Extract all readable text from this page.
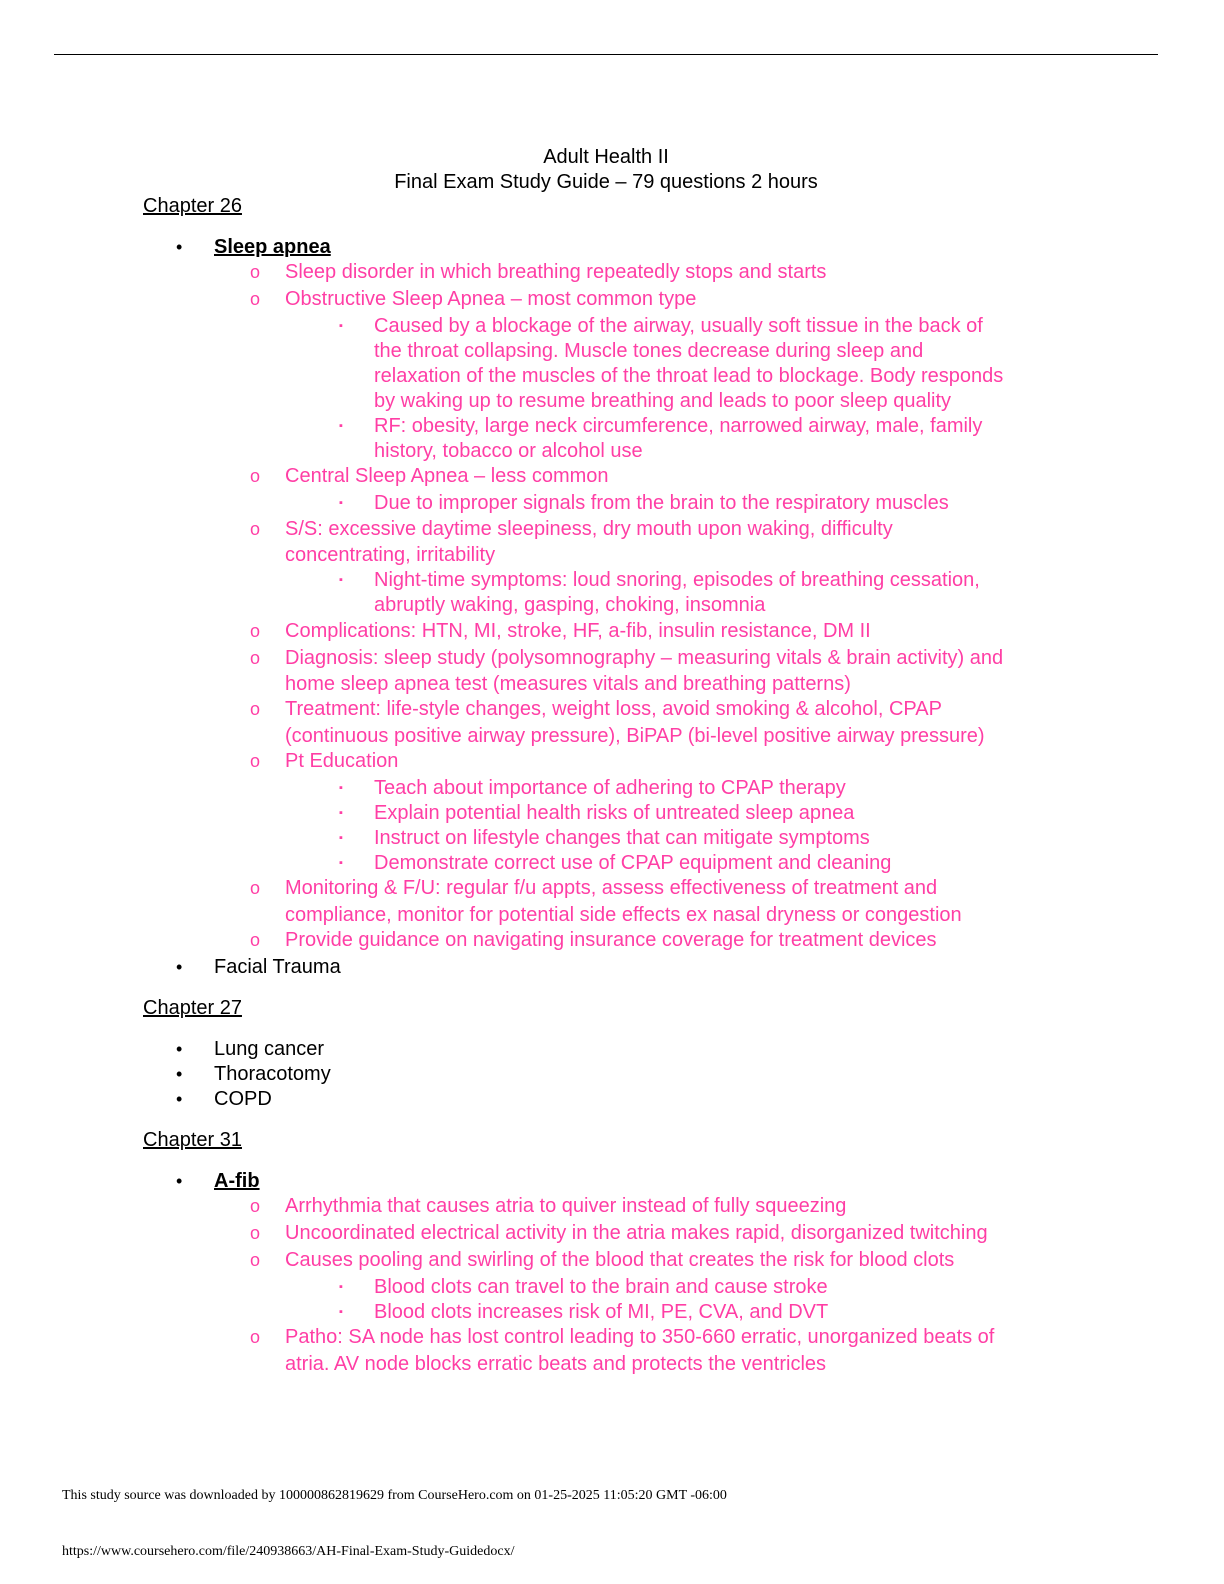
Adult Health II
Final Exam Study Guide – 79 questions 2 hours
Chapter 26
• Sleep apnea
o Sleep disorder in which breathing repeatedly stops and starts
o Obstructive Sleep Apnea – most common type
▪ Caused by a blockage of the airway, usually soft tissue in the back of
the throat collapsing. Muscle tones decrease during sleep and
relaxation of the muscles of the throat lead to blockage. Body responds
by waking up to resume breathing and leads to poor sleep quality
▪ RF: obesity, large neck circumference, narrowed airway, male, family
history, tobacco or alcohol use
o Central Sleep Apnea – less common
▪ Due to improper signals from the brain to the respiratory muscles
o S/S: excessive daytime sleepiness, dry mouth upon waking, difficulty
concentrating, irritability
▪ Night-time symptoms: loud snoring, episodes of breathing cessation,
abruptly waking, gasping, choking, insomnia
o Complications: HTN, MI, stroke, HF, a-fib, insulin resistance, DM II
o Diagnosis: sleep study (polysomnography – measuring vitals & brain activity) and
home sleep apnea test (measures vitals and breathing patterns)
o Treatment: life-style changes, weight loss, avoid smoking & alcohol, CPAP
(continuous positive airway pressure), BiPAP (bi-level positive airway pressure)
o Pt Education
▪ Teach about importance of adhering to CPAP therapy
▪ Explain potential health risks of untreated sleep apnea
▪ Instruct on lifestyle changes that can mitigate symptoms
▪ Demonstrate correct use of CPAP equipment and cleaning
o Monitoring & F/U: regular f/u appts, assess effectiveness of treatment and
compliance, monitor for potential side effects ex nasal dryness or congestion
o Provide guidance on navigating insurance coverage for treatment devices
• Facial Trauma
Chapter 27
• Lung cancer
• Thoracotomy
• COPD
Chapter 31
• A-fib
o Arrhythmia that causes atria to quiver instead of fully squeezing
o Uncoordinated electrical activity in the atria makes rapid, disorganized twitching
o Causes pooling and swirling of the blood that creates the risk for blood clots
▪ Blood clots can travel to the brain and cause stroke
▪ Blood clots increases risk of MI, PE, CVA, and DVT
o Patho: SA node has lost control leading to 350-660 erratic, unorganized beats of
atria. AV node blocks erratic beats and protects the ventricles
This study source was downloaded by 100000862819629 from CourseHero.com on 01-25-2025 11:05:20 GMT -06:00
https://www.coursehero.com/file/240938663/AH-Final-Exam-Study-Guidedocx/
